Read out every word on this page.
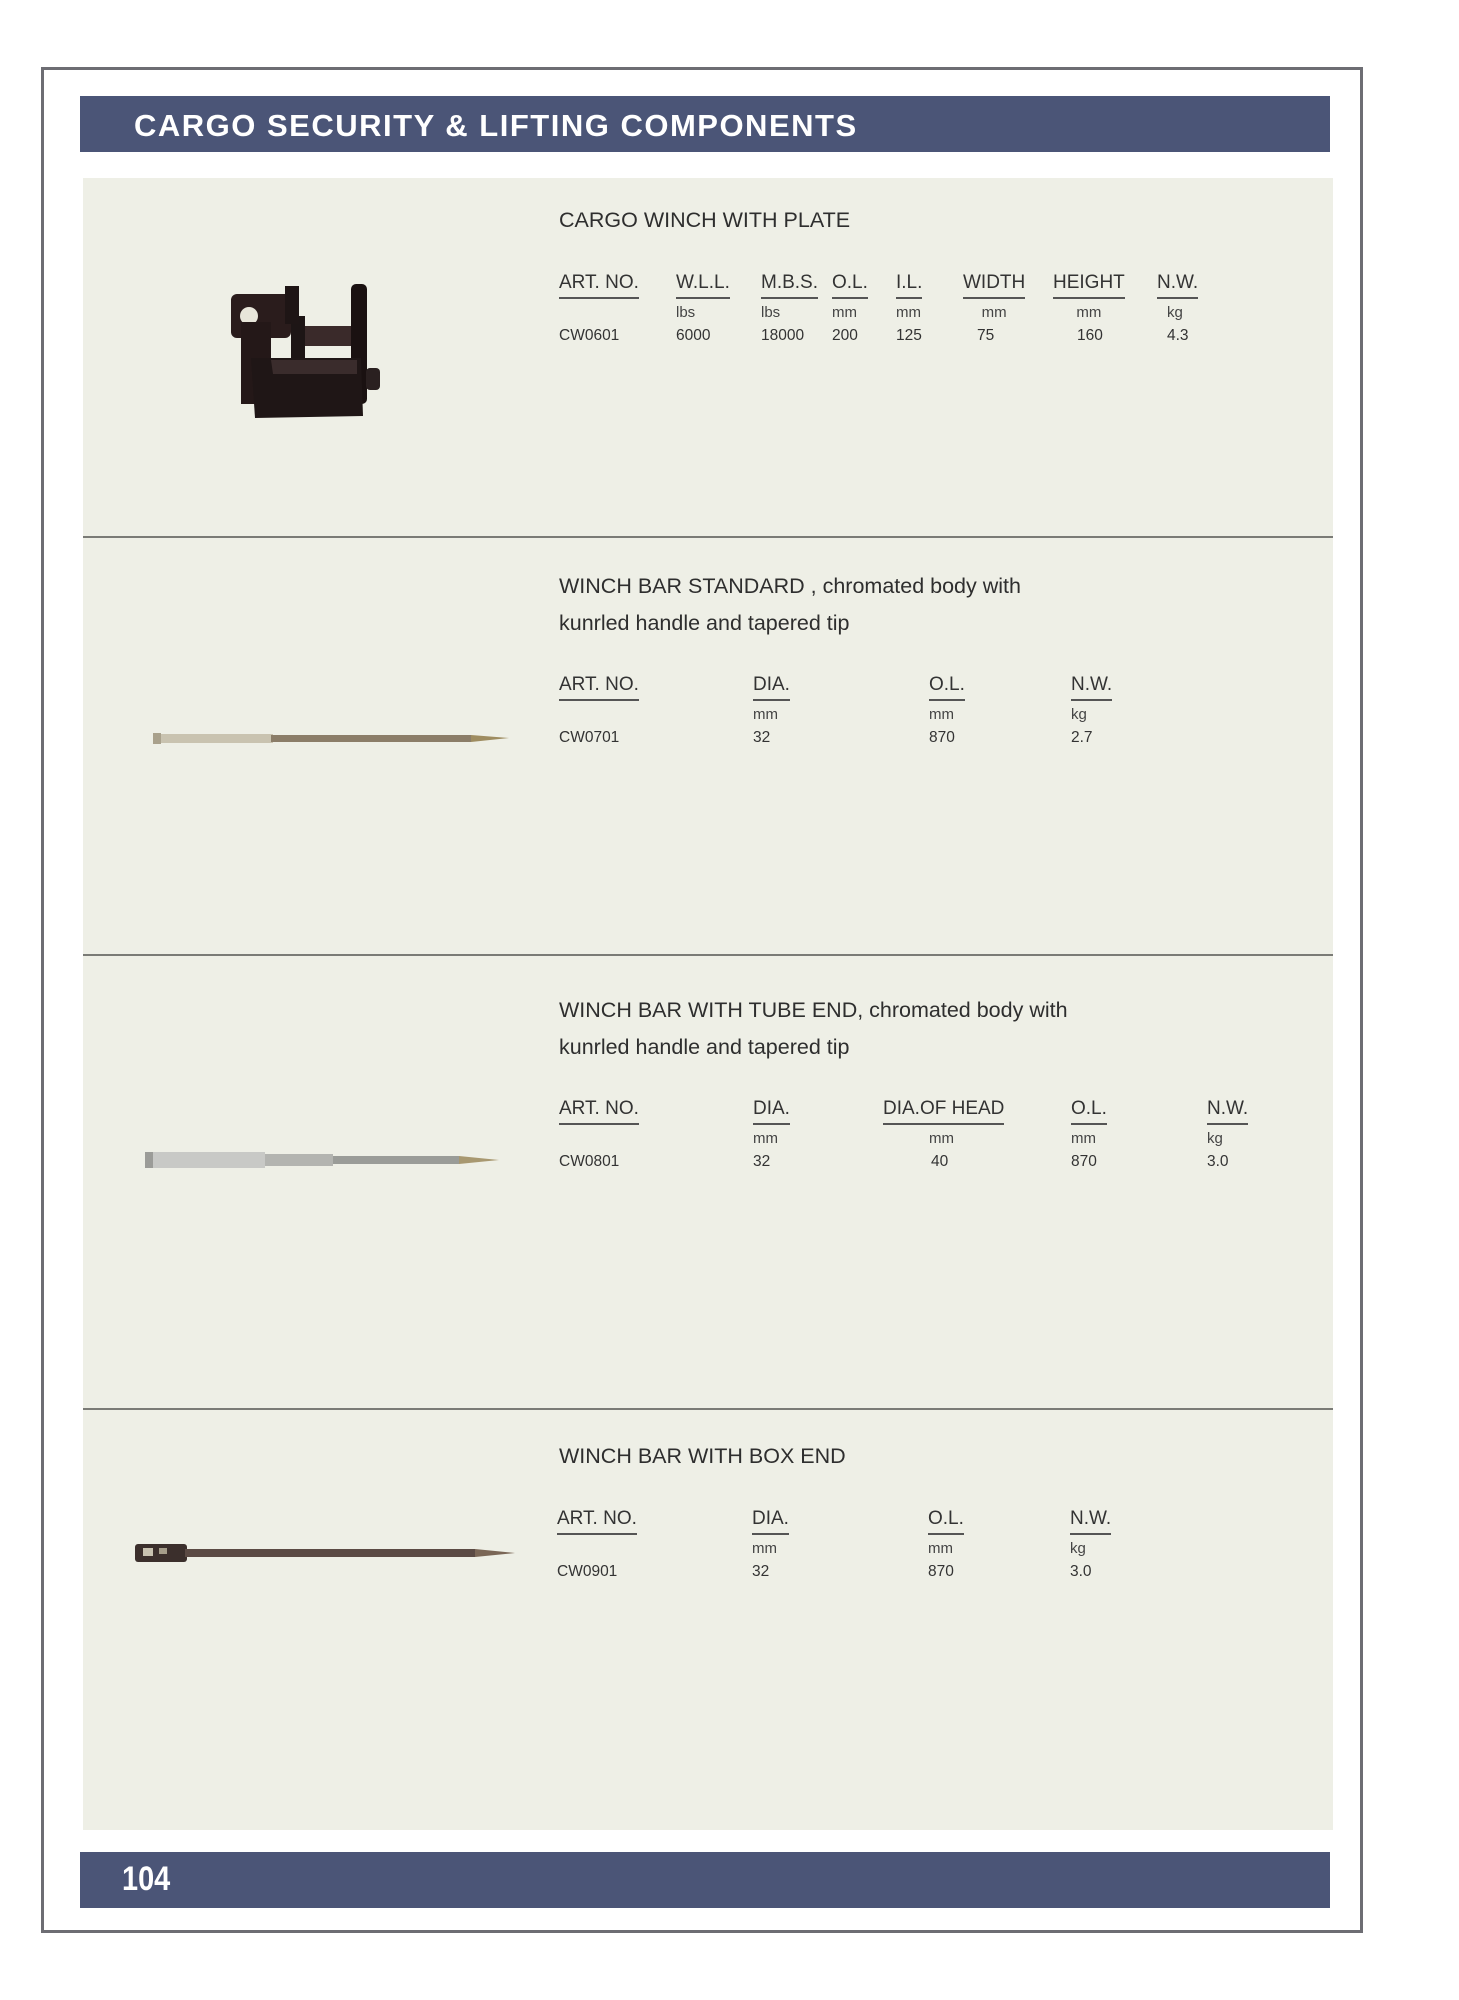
CARGO SECURITY & LIFTING COMPONENTS
CARGO WINCH WITH PLATE
ART. NO.
CW0601
W.L.L.
lbs
6000
M.B.S.
lbs
18000
O.L.
mm
200
I.L.
mm
125
WIDTH
mm
75
HEIGHT
mm
160
N.W.
kg
4.3
WINCH BAR STANDARD , chromated body with
kunrled handle and tapered tip
ART. NO.
CW0701
DIA.
mm
32
O.L.
mm
870
N.W.
kg
2.7
WINCH BAR WITH TUBE END, chromated body with
kunrled handle and tapered tip
ART. NO.
CW0801
DIA.
mm
32
DIA.OF HEAD
mm
40
O.L.
mm
870
N.W.
kg
3.0
WINCH BAR WITH BOX END
ART. NO.
CW0901
DIA.
mm
32
O.L.
mm
870
N.W.
kg
3.0
104
